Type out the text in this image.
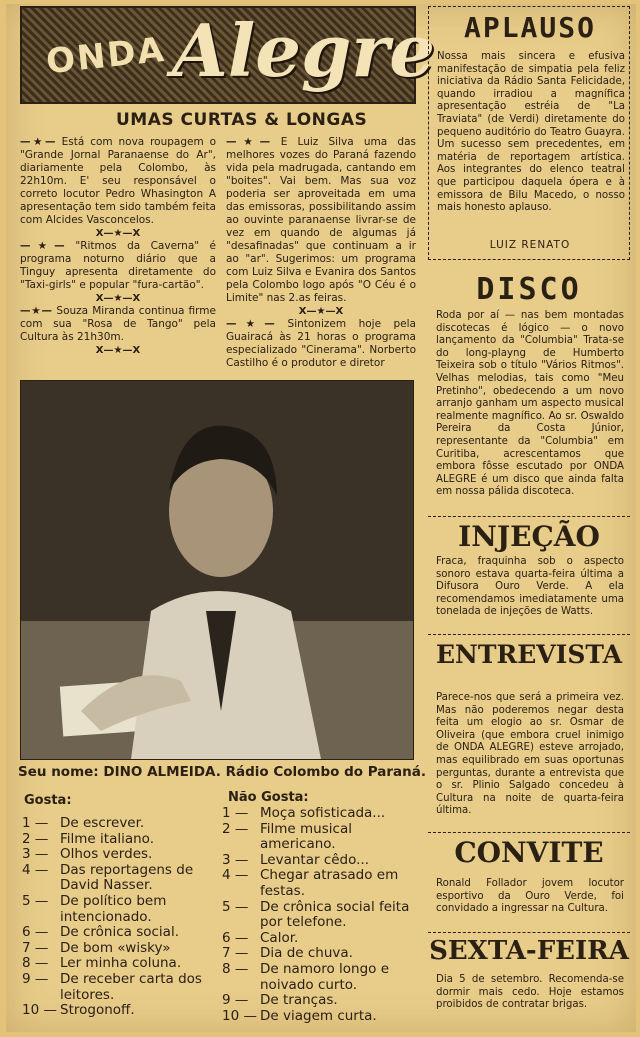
ONDA Alegre
UMAS CURTAS & LONGAS
—★— Está com nova roupagem o "Grande Jornal Paranaense do Ar", diariamente pela Colombo, às 22h10m. E' seu responsável o correto locutor Pedro Whasington A apresentação tem sido também feita com Alcides Vasconcelos.
X—★—X
—★— "Ritmos da Caverna" é programa noturno diário que a Tinguy apresenta diretamente do "Taxi-girls" e popular "fura-cartão".
X—★—X
—★— Souza Miranda continua firme com sua "Rosa de Tango" pela Cultura às 21h30m.
X—★—X
—★— E Luiz Silva uma das melhores vozes do Paraná fazendo vida pela madrugada, cantando em "boites". Vai bem. Mas sua voz poderia ser aproveitada em uma das emissoras, possibilitando assim ao ouvinte paranaense livrar-se de vez em quando de algumas já "desafinadas" que continuam a ir ao "ar". Sugerimos: um programa com Luiz Silva e Evanira dos Santos pela Colombo logo após "O Céu é o Limite" nas 2.as feiras.
X—★—X
—★— Sintonizem hoje pela Guairacá às 21 horas o programa especializado "Cinerama". Norberto Castilho é o produtor e diretor
Seu nome: DINO ALMEIDA. Rádio Colombo do Paraná.
Gosta:
1 — De escrever.
2 — Filme italiano.
3 — Olhos verdes.
4 — Das reportagens de David Nasser.
5 — De político bem intencionado.
6 — De crônica social.
7 — De bom «wisky»
8 — Ler minha coluna.
9 — De receber carta dos leitores.
10 — Strogonoff.
Não Gosta:
1 — Moça sofisticada...
2 — Filme musical americano.
3 — Levantar cêdo...
4 — Chegar atrasado em festas.
5 — De crônica social feita por telefone.
6 — Calor.
7 — Dia de chuva.
8 — De namoro longo e noivado curto.
9 — De tranças.
10 — De viagem curta.
APLAUSO
Nossa mais sincera e efusiva manifestação de simpatia pela feliz iniciativa da Rádio Santa Felicidade, quando irradiou a magnífica apresentação estréia de "La Traviata" (de Verdi) diretamente do pequeno auditório do Teatro Guayra. Um sucesso sem precedentes, em matéria de reportagem artística. Aos integrantes do elenco teatral que participou daquela ópera e à emissora de Bilu Macedo, o nosso mais honesto aplauso.
LUIZ RENATO
DISCO
Roda por aí — nas bem montadas discotecas é lógico — o novo lançamento da "Columbia" Trata-se do long-playng de Humberto Teixeira sob o título "Vários Ritmos". Velhas melodias, tais como "Meu Pretinho", obedecendo a um novo arranjo ganham um aspecto musical realmente magnífico. Ao sr. Oswaldo Pereira da Costa Júnior, representante da "Columbia" em Curitiba, acrescentamos que embora fôsse escutado por ONDA ALEGRE é um disco que ainda falta em nossa pálida discoteca.
INJEÇÃO
Fraca, fraquinha sob o aspecto sonoro estava quarta-feira última a Difusora Ouro Verde. A ela recomendamos imediatamente uma tonelada de injeções de Watts.
ENTREVISTA
Parece-nos que será a primeira vez. Mas não poderemos negar desta feita um elogio ao sr. Osmar de Oliveira (que embora cruel inimigo de ONDA ALEGRE) esteve arrojado, mas equilibrado em suas oportunas perguntas, durante a entrevista que o sr. Plinio Salgado concedeu à Cultura na noite de quarta-feira última.
CONVITE
Ronald Follador jovem locutor esportivo da Ouro Verde, foi convidado a ingressar na Cultura.
SEXTA-FEIRA
Dia 5 de setembro. Recomenda-se dormir mais cedo. Hoje estamos proibidos de contratar brigas.
